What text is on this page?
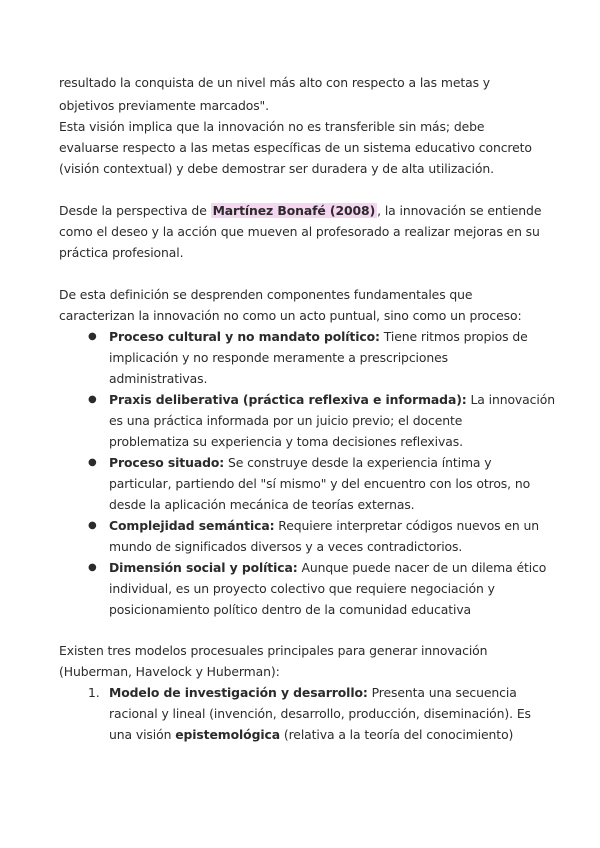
resultado la conquista de un nivel más alto con respecto a las metas y
objetivos previamente marcados".
Esta visión implica que la innovación no es transferible sin más; debe
evaluarse respecto a las metas específicas de un sistema educativo concreto
(visión contextual) y debe demostrar ser duradera y de alta utilización.
Desde la perspectiva de Martínez Bonafé (2008) , la innovación se entiende
como el deseo y la acción que mueven al profesorado a realizar mejoras en su
práctica profesional.
De esta definición se desprenden componentes fundamentales que
caracterizan la innovación no como un acto puntual, sino como un proceso:
● Proceso cultural y no mandato político: Tiene ritmos propios de
implicación y no responde meramente a prescripciones
administrativas.
● Praxis deliberativa (práctica reflexiva e informada): La innovación
es una práctica informada por un juicio previo; el docente
problematiza su experiencia y toma decisiones reflexivas.
● Proceso situado: Se construye desde la experiencia íntima y
particular, partiendo del "sí mismo" y del encuentro con los otros, no
desde la aplicación mecánica de teorías externas.
● Complejidad semántica: Requiere interpretar códigos nuevos en un
mundo de significados diversos y a veces contradictorios.
● Dimensión social y política: Aunque puede nacer de un dilema ético
individual, es un proyecto colectivo que requiere negociación y
posicionamiento político dentro de la comunidad educativa
Existen tres modelos procesuales principales para generar innovación
(Huberman, Havelock y Huberman):
1. Modelo de investigación y desarrollo: Presenta una secuencia
racional y lineal (invención, desarrollo, producción, diseminación). Es
una visión epistemológica (relativa a la teoría del conocimiento)
